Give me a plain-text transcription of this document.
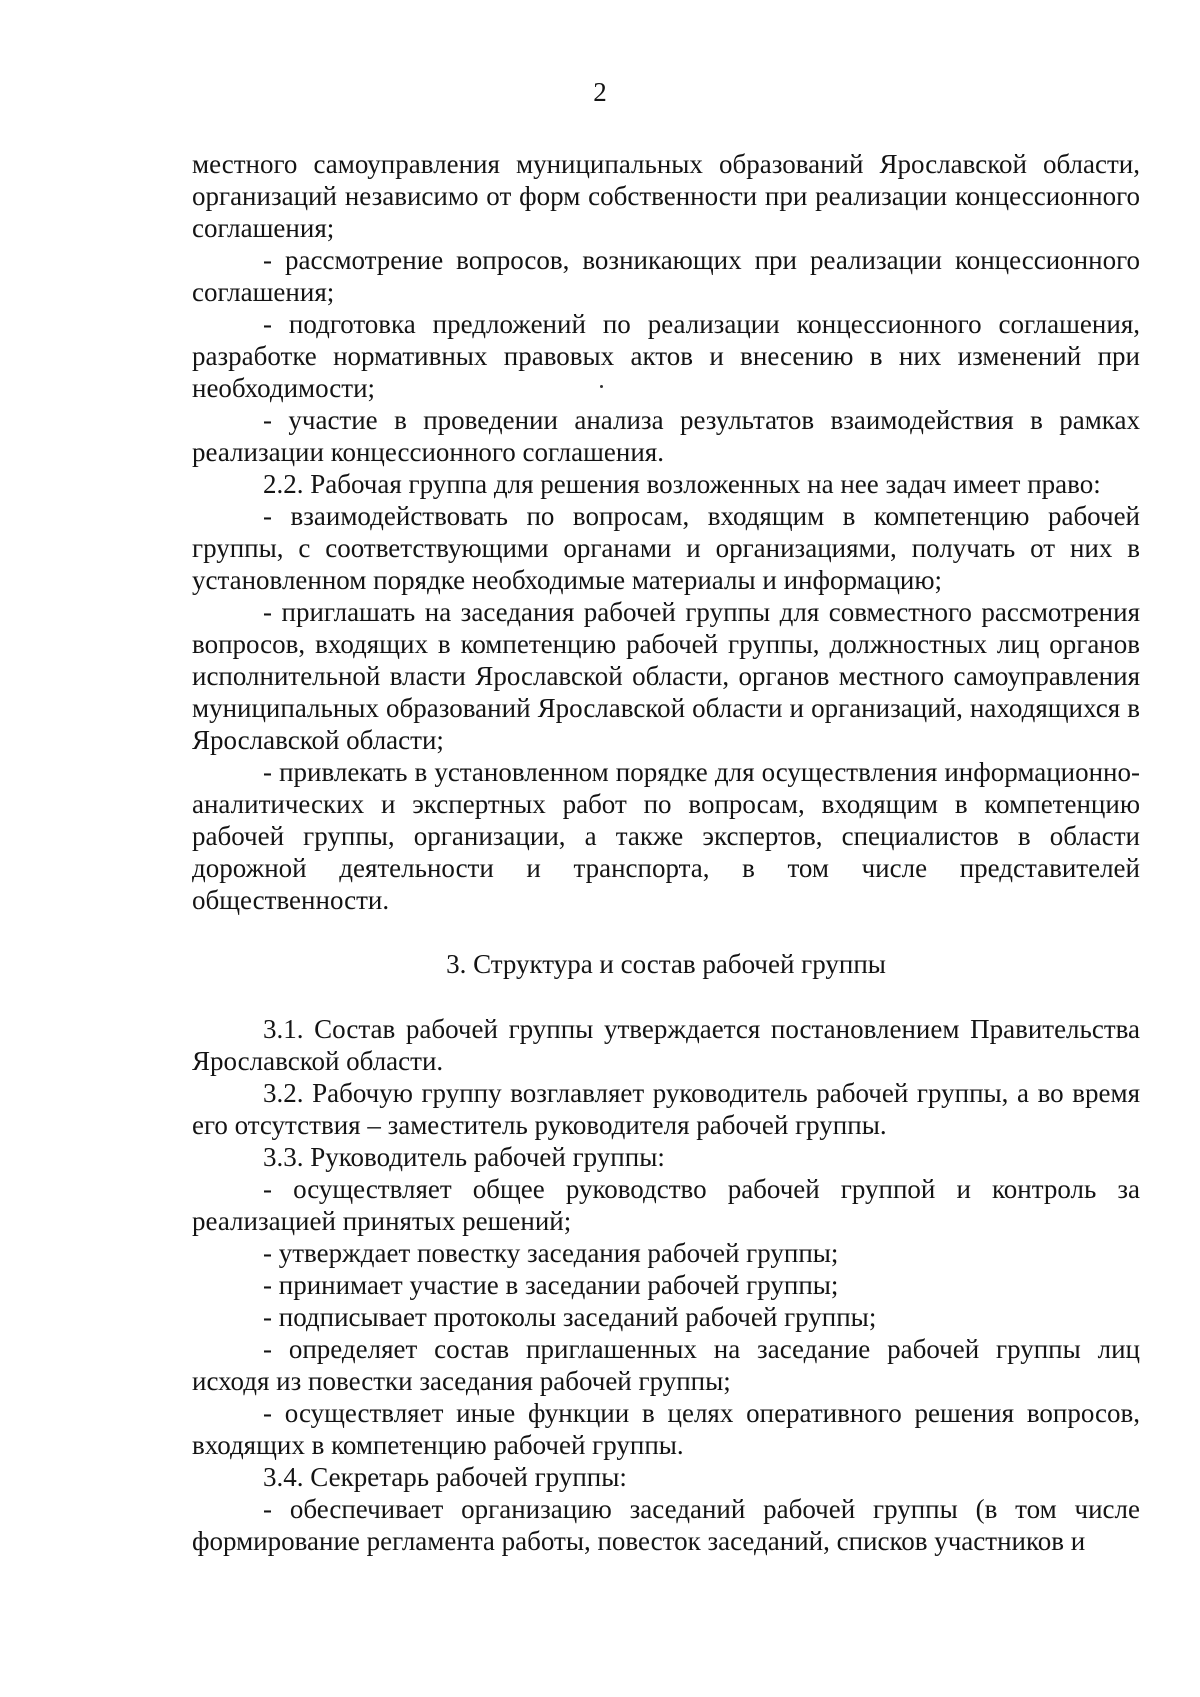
2

местного самоуправления муниципальных образований Ярославской области, организаций независимо от форм собственности при реализации концессионного соглашения;

- рассмотрение вопросов, возникающих при реализации концессионного соглашения;

- подготовка предложений по реализации концессионного соглашения, разработке нормативных правовых актов и внесению в них изменений при необходимости;

- участие в проведении анализа результатов взаимодействия в рамках реализации концессионного соглашения.

2.2. Рабочая группа для решения возложенных на нее задач имеет право:

- взаимодействовать по вопросам, входящим в компетенцию рабочей группы, с соответствующими органами и организациями, получать от них в установленном порядке необходимые материалы и информацию;

- приглашать на заседания рабочей группы для совместного рассмотрения вопросов, входящих в компетенцию рабочей группы, должностных лиц органов исполнительной власти Ярославской области, органов местного самоуправления муниципальных образований Ярославской области и организаций, находящихся в Ярославской области;

- привлекать в установленном порядке для осуществления информационно-аналитических и экспертных работ по вопросам, входящим в компетенцию рабочей группы, организации, а также экспертов, специалистов в области дорожной деятельности и транспорта, в том числе представителей общественности.

3. Структура и состав рабочей группы

3.1. Состав рабочей группы утверждается постановлением Правительства Ярославской области.

3.2. Рабочую группу возглавляет руководитель рабочей группы, а во время его отсутствия – заместитель руководителя рабочей группы.

3.3. Руководитель рабочей группы:

- осуществляет общее руководство рабочей группой и контроль за реализацией принятых решений;

- утверждает повестку заседания рабочей группы;

- принимает участие в заседании рабочей группы;

- подписывает протоколы заседаний рабочей группы;

- определяет состав приглашенных на заседание рабочей группы лиц исходя из повестки заседания рабочей группы;

- осуществляет иные функции в целях оперативного решения вопросов, входящих в компетенцию рабочей группы.

3.4. Секретарь рабочей группы:

- обеспечивает организацию заседаний рабочей группы (в том числе формирование регламента работы, повесток заседаний, списков участников и
